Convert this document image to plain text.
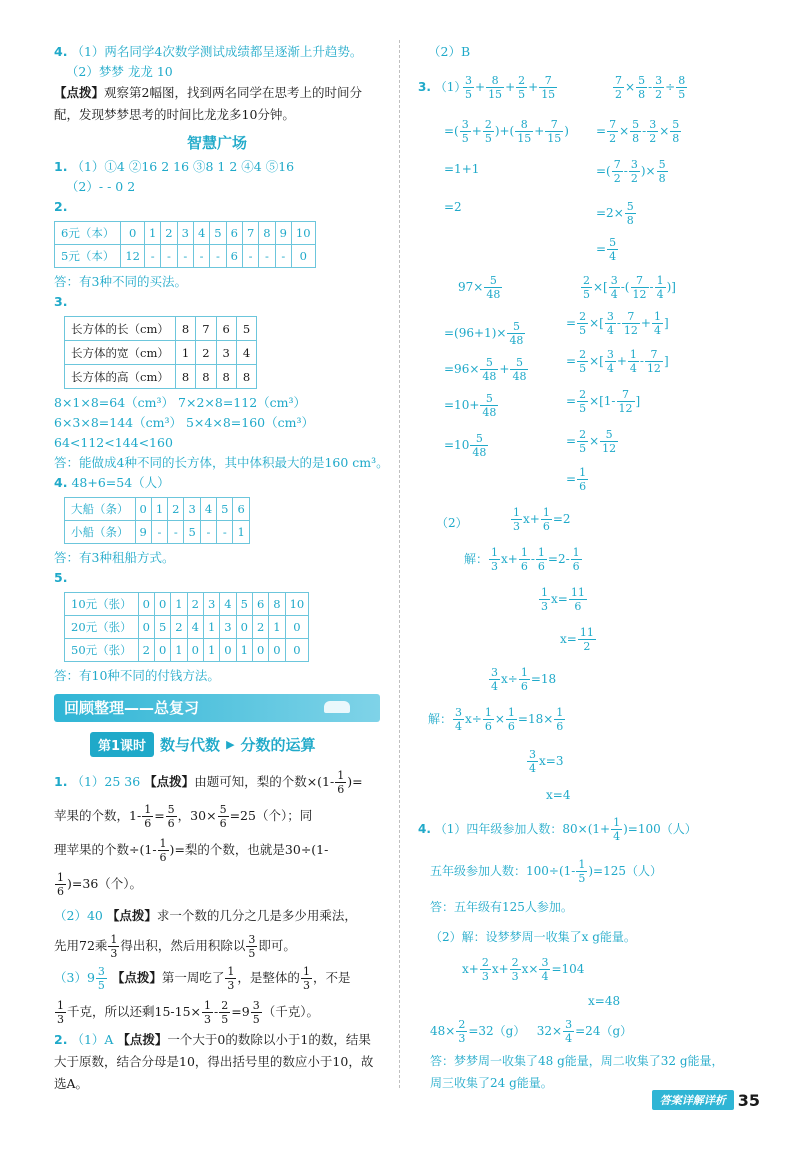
4. （1）两名同学4次数学测试成绩都呈逐渐上升趋势。
（2）梦梦 龙龙 10
【点拨】观察第2幅图，找到两名同学在思考上的时间分配，发现梦梦思考的时间比龙龙多10分钟。
智慧广场
1. （1）①4 ②16 2 16 ③8 1 2 ④4 ⑤16
（2）- - 0 2
2.
6元（本）	0	1	2	3	4	5	6	7	8	9	10
5元（本）	12	-	-	-	-	-	6	-	-	-	0
答：有3种不同的买法。
3.
长方体的长（cm）	8	7	6	5
长方体的宽（cm）	1	2	3	4
长方体的高（cm）	8	8	8	8
8×1×8=64（cm³） 7×2×8=112（cm³）
6×3×8=144（cm³） 5×4×8=160（cm³）
64<112<144<160
答：能做成4种不同的长方体，其中体积最大的是160 cm³。
4. 48+6=54（人）
大船（条）	0	1	2	3	4	5	6
小船（条）	9	-	-	5	-	-	1
答：有3种租船方式。
5.
10元（张）	0	0	1	2	3	4	5	6	8	10
20元（张）	0	5	2	4	1	3	0	2	1	0
50元（张）	2	0	1	0	1	0	1	0	0	0
答：有10种不同的付钱方法。
回顾整理——总复习
第1课时 数与代数 ▶ 分数的运算
1. （1）25 36 【点拨】由题可知，梨的个数$\times(1- \frac{1}{6}$ )=
苹果的个数，$1- \frac{1}{6} = \frac{5}{6}$ ，$30\times \frac{5}{6} =25$（个）；同
理苹果的个数$\div(1- \frac{1}{6}$ )=梨的个数，也就是30÷(1-

$\frac{1}{6} )=36$（个）。
（2）40 【点拨】求一个数的几分之几是多少用乘法，
先用72乘 $\frac{1}{3}$ 得出积，然后用积除以 $\frac{3}{5}$ 即可。
$(3)9 \frac{3}{5}$ 【点拨】第一周吃了 $\frac{1}{3}$ ，是整体的 $\frac{1}{3}$ ，不是

$\frac{1}{3}$ 千克，所以还剩$15-15\times \frac{1}{3} - \frac{2}{5} =9 \frac{3}{5}$ （千克）。
2. （1）A 【点拨】一个大于0的数除以小于1的数，结果大于原数，结合分母是10，得出括号里的数应小于10，故选A。
（2）B
3. （1）
$\frac{3}{5} + \frac{8}{15} + \frac{2}{5} + \frac{7}{15}$
=( $\frac{3}{5} + \frac{2}{5}$ )+( $\frac{8}{15} + \frac{7}{15}$ )
=1+1
=2
$\frac{7}{2} \times \frac{5}{8} - \frac{3}{2} \div \frac{8}{5}$
= $\frac{7}{2} \times \frac{5}{8} - \frac{3}{2} \times \frac{5}{8}$
=( $\frac{7}{2} - \frac{3}{2}$ )× $\frac{5}{8}$
$=2\times \frac{5}{8}$
= $\frac{5}{4}$
$97\times \frac{5}{48}$
$=(96+1)\times \frac{5}{48}$
$=96\times \frac{5}{48} + \frac{5}{48}$
$=10+ \frac{5}{48}$
$=10 \frac{5}{48}$
$\frac{2}{5}$ ×[ $\frac{3}{4}$ -( $\frac{7}{12} - \frac{1}{4}$ )]
= $\frac{2}{5}$ ×[ $\frac{3}{4} - \frac{7}{12} + \frac{1}{4}$ ]
= $\frac{2}{5}$ ×[ $\frac{3}{4} + \frac{1}{4} - \frac{7}{12}$ ]
= $\frac{2}{5} \times[1- \frac{7}{12}$ ]
= $\frac{2}{5} \times \frac{5}{12}$
= $\frac{1}{6}$
（2）	$\frac{1}{3} x+ \frac{1}{6} =2$
解： $\frac{1}{3} x+ \frac{1}{6} - \frac{1}{6} =2- \frac{1}{6}$
$\frac{1}{3} x= \frac{11}{6}$
$x= \frac{11}{2}$
$\frac{3}{4} x\div \frac{1}{6} =18$
解： $\frac{3}{4} x\div \frac{1}{6} \times \frac{1}{6} =18\times \frac{1}{6}$
$\frac{3}{4} x=3$
x=4
4. （1）四年级参加人数：$80\times(1+ \frac{1}{4} )=100$（人）
五年级参加人数：$100\div(1- \frac{1}{5} )=125$（人）
答：五年级有125人参加。
（2）解：设梦梦周一收集了x g能量。
$x+ \frac{2}{3} x+ \frac{2}{3} x\times \frac{3}{4} =104$
x=48
$48\times \frac{2}{3} =32(g)$   $32\times \frac{3}{4} =24(g)$
答：梦梦周一收集了48 g能量，周二收集了32 g能量，
周三收集了24 g能量。
答案详解详析 35
